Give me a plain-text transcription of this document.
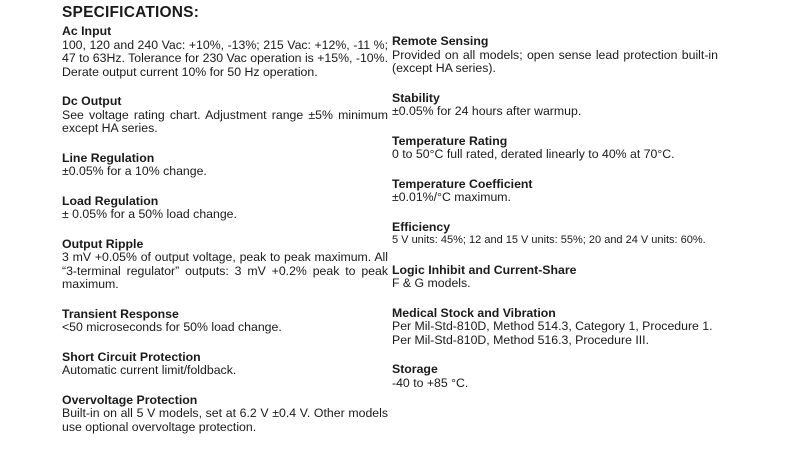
SPECIFICATIONS:
Ac Input

100, 120 and 240 Vac: +10%, -13%; 215 Vac: +12%, -11 %; 47 to 63Hz. Tolerance for 230 Vac operation is +15%, -10%. Derate output current 10% for 50 Hz operation.

Dc Output

See voltage rating chart. Adjustment range ±5% minimum except HA series.

Line Regulation

±0.05% for a 10% change.

Load Regulation

± 0.05% for a 50% load change.

Output Ripple

3 mV +0.05% of output voltage, peak to peak maximum. All “3-terminal regulator” outputs: 3 mV +0.2% peak to peak maximum.

Transient Response

<50 microseconds for 50% load change.

Short Circuit Protection

Automatic current limit/foldback.

Overvoltage Protection

Built-in on all 5 V models, set at 6.2 V ±0.4 V. Other models use optional overvoltage protection.

Remote Sensing

Provided on all models; open sense lead protection built-in (except HA series).

Stability

±0.05% for 24 hours after warmup.

Temperature Rating

0 to 50°C full rated, derated linearly to 40% at 70°C.

Temperature Coefficient

±0.01%/°C maximum.

Efficiency

5 V units: 45%; 12 and 15 V units: 55%; 20 and 24 V units: 60%.

Logic Inhibit and Current-Share

F & G models.

Medical Stock and Vibration

Per Mil-Std-810D, Method 514.3, Category 1, Procedure 1.

Per Mil-Std-810D, Method 516.3, Procedure III.

Storage

-40 to +85 °C.
